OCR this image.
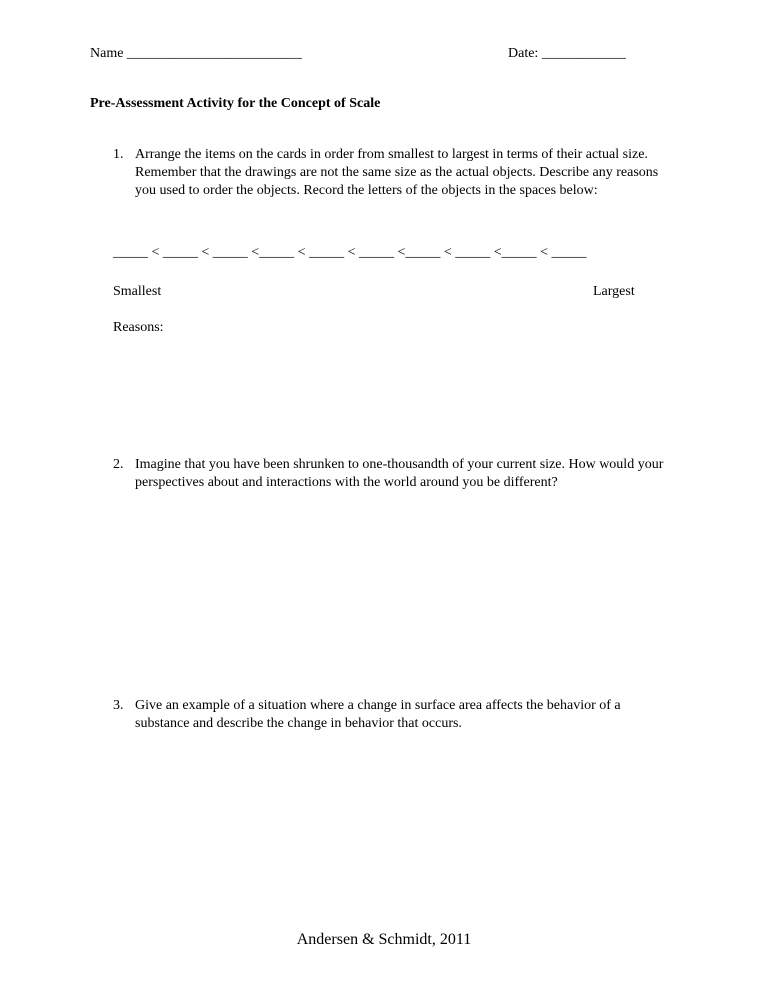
Name _________________________	Date: ____________
Pre-Assessment Activity for the Concept of Scale
1. Arrange the items on the cards in order from smallest to largest in terms of their actual size. Remember that the drawings are not the same size as the actual objects. Describe any reasons you used to order the objects. Record the letters of the objects in the spaces below:
_____ < _____ < _____ <_____ < _____ < _____ <_____ < _____ <_____ < _____
Smallest	Largest
Reasons:
2. Imagine that you have been shrunken to one-thousandth of your current size. How would your perspectives about and interactions with the world around you be different?
3. Give an example of a situation where a change in surface area affects the behavior of a substance and describe the change in behavior that occurs.
Andersen & Schmidt, 2011
